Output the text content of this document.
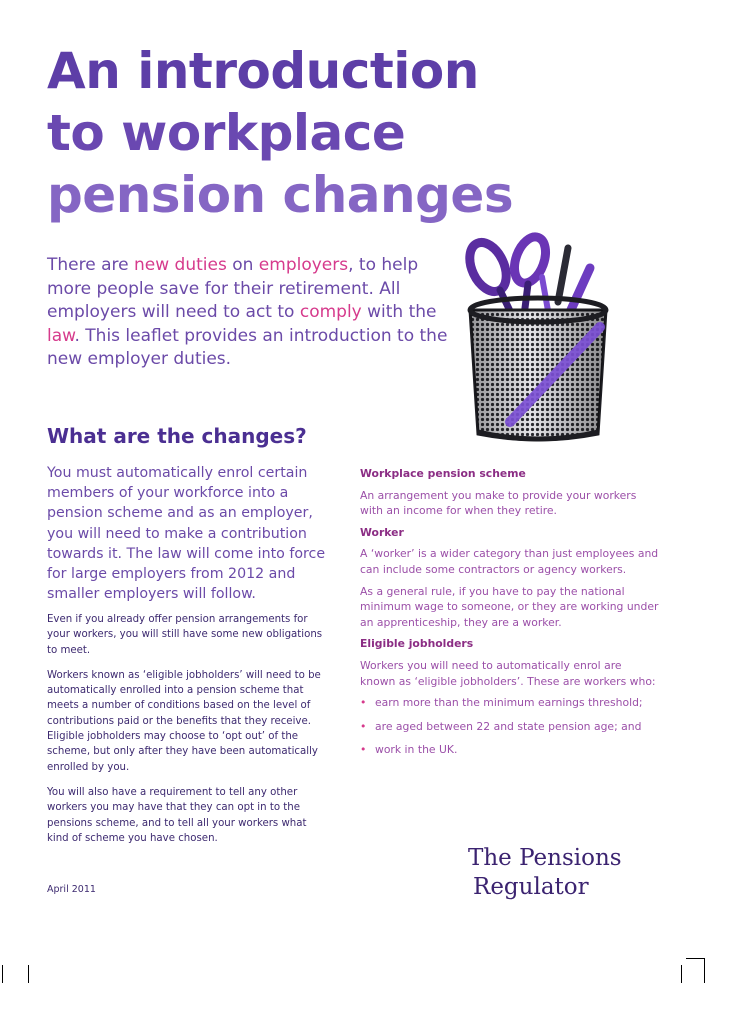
An introduction
to workplace
pension changes

There are new duties on employers, to help more people save for their retirement. All employers will need to act to comply with the law. This leaflet provides an introduction to the new employer duties.

What are the changes?

You must automatically enrol certain members of your workforce into a pension scheme and as an employer, you will need to make a contribution towards it. The law will come into force for large employers from 2012 and smaller employers will follow.

Even if you already offer pension arrangements for your workers, you will still have some new obligations to meet.

Workers known as ‘eligible jobholders’ will need to be automatically enrolled into a pension scheme that meets a number of conditions based on the level of contributions paid or the benefits that they receive. Eligible jobholders may choose to ‘opt out’ of the scheme, but only after they have been automatically enrolled by you.

You will also have a requirement to tell any other workers you may have that they can opt in to the pensions scheme, and to tell all your workers what kind of scheme you have chosen.

Workplace pension scheme

An arrangement you make to provide your workers with an income for when they retire.

Worker

A ‘worker’ is a wider category than just employees and can include some contractors or agency workers.

As a general rule, if you have to pay the national minimum wage to someone, or they are working under an apprenticeship, they are a worker.

Eligible jobholders

Workers you will need to automatically enrol are known as ‘eligible jobholders’. These are workers who:

• earn more than the minimum earnings threshold;
• are aged between 22 and state pension age; and
• work in the UK.
April 2011
The Pensions
Regulator
